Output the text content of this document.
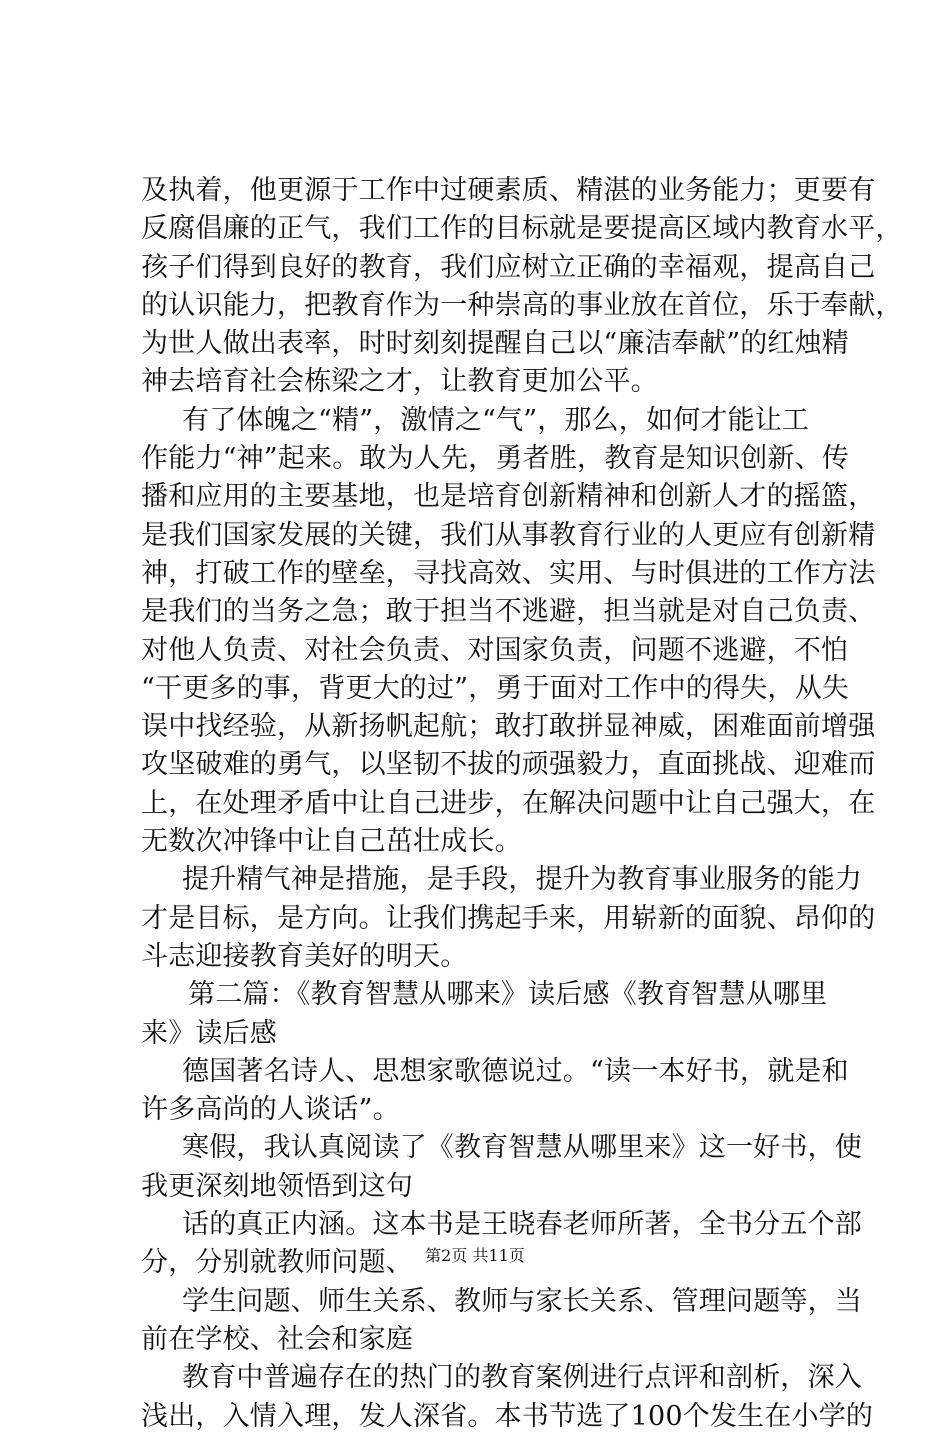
及执着，他更源于工作中过硬素质、精湛的业务能力；更要有
反腐倡廉的正气，我们工作的目标就是要提高区域内教育水平，
孩子们得到良好的教育，我们应树立正确的幸福观，提高自己
的认识能力，把教育作为一种崇高的事业放在首位，乐于奉献，
为世人做出表率，时时刻刻提醒自己以“廉洁奉献”的红烛精
神去培育社会栋梁之才，让教育更加公平。
有了体魄之“精”，激情之“气”，那么，如何才能让工
作能力“神”起来。敢为人先，勇者胜，教育是知识创新、传
播和应用的主要基地，也是培育创新精神和创新人才的摇篮，
是我们国家发展的关键，我们从事教育行业的人更应有创新精
神，打破工作的壁垒，寻找高效、实用、与时俱进的工作方法
是我们的当务之急；敢于担当不逃避，担当就是对自己负责、
对他人负责、对社会负责、对国家负责，问题不逃避，不怕
“干更多的事，背更大的过”，勇于面对工作中的得失，从失
误中找经验，从新扬帆起航；敢打敢拼显神威，困难面前增强
攻坚破难的勇气，以坚韧不拔的顽强毅力，直面挑战、迎难而
上，在处理矛盾中让自己进步，在解决问题中让自己强大，在
无数次冲锋中让自己茁壮成长。
提升精气神是措施，是手段，提升为教育事业服务的能力
才是目标，是方向。让我们携起手来，用崭新的面貌、昂仰的
斗志迎接教育美好的明天。
第二篇：《教育智慧从哪来》读后感《教育智慧从哪里
来》读后感
德国著名诗人、思想家歌德说过。“读一本好书，就是和
许多高尚的人谈话”。
寒假，我认真阅读了《教育智慧从哪里来》这一好书，使
我更深刻地领悟到这句
话的真正内涵。这本书是王晓春老师所著，全书分五个部
分，分别就教师问题、
学生问题、师生关系、教师与家长关系、管理问题等，当
前在学校、社会和家庭
教育中普遍存在的热门的教育案例进行点评和剖析，深入
浅出，入情入理，发人深省。本书节选了100个发生在小学的
第2页 共11页
